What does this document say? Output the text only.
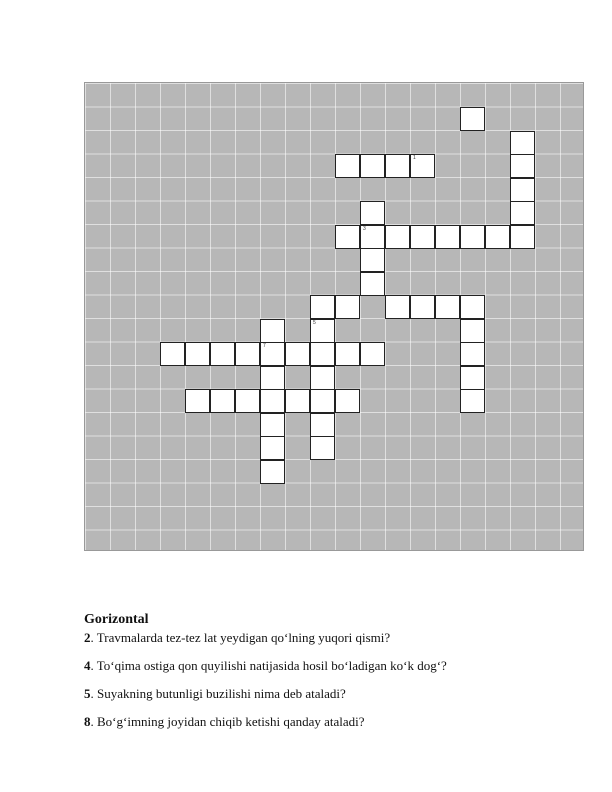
1
3
5
7
Gorizontal
2. Travmalarda tez-tez lat yeydigan qo‘lning yuqori qismi?
4. To‘qima ostiga qon quyilishi natijasida hosil bo‘ladigan ko‘k dog‘?
5. Suyakning butunligi buzilishi nima deb ataladi?
8. Bo‘g‘imning joyidan chiqib ketishi qanday ataladi?
